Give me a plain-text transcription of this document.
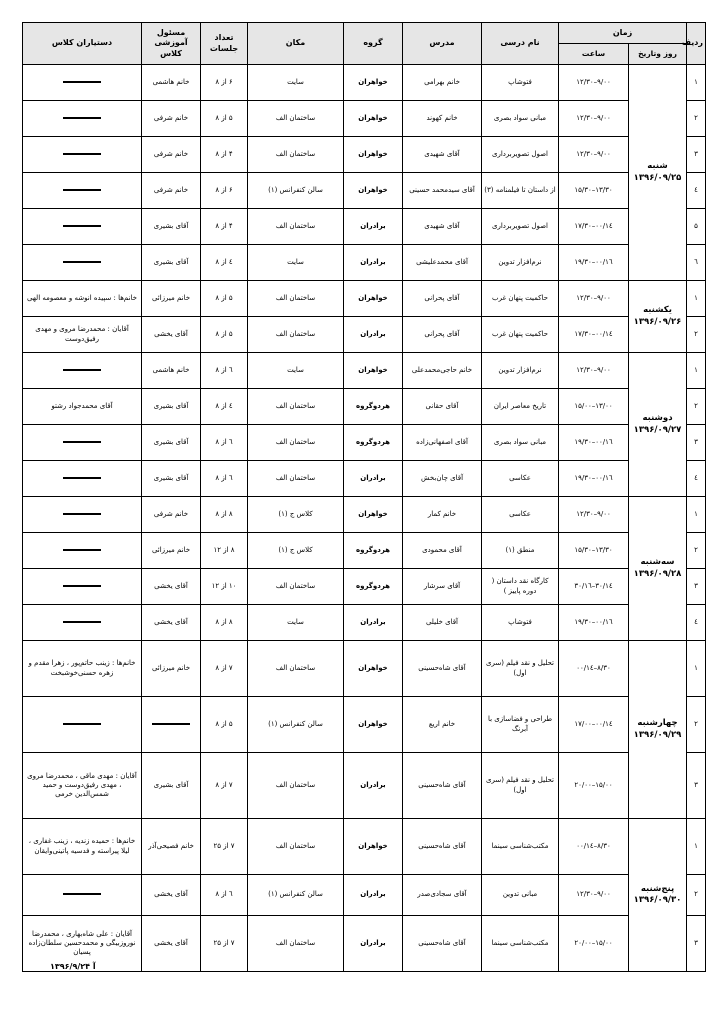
ردیف	زمان		نام درسی	مدرس	گروه	مکان	تعداد جلسات	مسئول آموزشی کلاس	دستیاران کلاس
	روز وتاریخ	ساعت							
۱	شنبه ۱۳۹۶/۰۹/۲۵	۹/۰۰–۱۲/۳۰	فتوشاپ	خانم بهرامی	خواهران	سایت	۶ از ۸	خانم هاشمی	
۲		۹/۰۰–۱۲/۳۰	مبانی سواد بصری	خانم کهوند	خواهران	ساختمان الف	۵ از ۸	خانم شرفی	
۳		۹/۰۰–۱۲/۳۰	اصول تصویربرداری	آقای شهیدی	خواهران	ساختمان الف	۴ از ۸	خانم شرفی	
٤		۱۳/۳۰–۱۵/۳۰	از داستان تا فیلمنامه (۳)	آقای سیدمحمد حسینی	خواهران	سالن کنفرانس (۱)	۶ از ۸	خانم شرفی	
۵		۱٤/۰۰–۱۷/۳۰	اصول تصویربرداری	آقای شهیدی	برادران	ساختمان الف	۴ از ۸	آقای بشیری	
٦		۱٦/۰۰–۱۹/۳۰	نرم‌افزار تدوین	آقای محمدعلیشی	برادران	سایت	٤ از ۸	آقای بشیری	
۱	یکشنبه ۱۳۹۶/۰۹/۲۶	۹/۰۰–۱۲/۳۰	حاکمیت پنهان غرب	آقای پحرانی	خواهران	ساختمان الف	۵ از ۸	خانم میرزائی	خانم‌ها : سپیده انوشه و معصومه الهی
۲		۱٤/۰۰–۱۷/۳۰	حاکمیت پنهان غرب	آقای پحرانی	برادران	ساختمان الف	۵ از ۸	آقای یخشی	آقایان : محمدرضا مروی و مهدی رفیق‌دوست
۱	دوشنبه ۱۳۹۶/۰۹/۲۷	۹/۰۰–۱۲/۳۰	نرم‌افزار تدوین	خانم حاجی‌محمدعلی	خواهران	سایت	٦ از ۸	خانم هاشمی	
۲		۱۳/۰۰–۱۵/۰۰	تاریخ معاصر ایران	آقای حقانی	هردوگروه	ساختمان الف	٤ از ۸	آقای بشیری	آقای محمدجواد رشتو
۳		۱٦/۰۰–۱۹/۳۰	مبانی سواد بصری	آقای اصفهانی‌زاده	هردوگروه	ساختمان الف	٦ از ۸	آقای بشیری	
٤		۱٦/۰۰–۱۹/۳۰	عکاسی	آقای چان‌بخش	برادران	ساختمان الف	٦ از ۸	آقای بشیری	
۱	سه‌شنبه ۱۳۹۶/۰۹/۲۸	۹/۰۰–۱۲/۳۰	عکاسی	خانم کمار	خواهران	کلاس ج (۱)	۸ از ۸	خانم شرفی	
۲		۱۳/۳۰–۱۵/۳۰	منطق (۱)	آقای محمودی	هردوگروه	کلاس ج (۱)	۸ از ۱۲	خانم میرزائی	
۳		۱٤/۳۰–۱٦/۳۰	کارگاه نقد داستان ( دوره پاییز )	آقای سرشار	هردوگروه	ساختمان الف	۱۰ از ۱۲	آقای یخشی	
٤		۱٦/۰۰–۱۹/۳۰	فتوشاپ	آقای خلیلی	برادران	سایت	۸ از ۸	آقای یخشی	
۱	چهارشنبه ۱۳۹۶/۰۹/۲۹	۸/۳۰–۱٤/۰۰	تحلیل و نقد فیلم (سری اول)	آقای شاه‌حسینی	خواهران	ساختمان الف	۷ از ۸	خانم میرزائی	خانم‌ها : زینب حاتم‌پور ، زهرا مقدم و زهره حسنی‌خوشبخت
۲		۱٤/۰۰–۱۷/۰۰	طراحی و فضاسازی با آبرنگ	خانم اریع	خواهران	سالن کنفرانس (۱)	۵ از ۸		
۳		۱۵/۰۰–۲۰/۰۰	تحلیل و نقد فیلم (سری اول)	آقای شاه‌حسینی	برادران	ساختمان الف	۷ از ۸	آقای بشیری	آقایان : مهدی ماقی ، محمدرضا مروی ، مهدی رفیق‌دوست و حمید شمس‌الدین خرمی
۱	پنج‌شنبه ۱۳۹۶/۰۹/۳۰	۸/۳۰–۱٤/۰۰	مکتب‌شناسی سینما	آقای شاه‌حسینی	خواهران	ساختمان الف	۷ از ۲۵	خانم فصیحی‌آذر	خانم‌ها : حمیده زندیه ، زینب غفاری ، لیلا پیراسته و فدسیه پاتینی‌وایقان
۲		۹/۰۰–۱۲/۳۰	مبانی تدوین	آقای سجادی‌صدر	برادران	سالن کنفرانس (۱)	٦ از ۸	آقای یخشی	
۳		۱۵/۰۰–۲۰/۰۰	مکتب‌شناسی سینما	آقای شاه‌حسینی	برادران	ساختمان الف	۷ از ۲۵	آقای یخشی	آقایان : علی شاه‌بهاری ، محمدرضا نوروزبیگی و محمدحسین سلطان‌زاده پسیان
۱۳۹۶/۹/۲۴ آ
